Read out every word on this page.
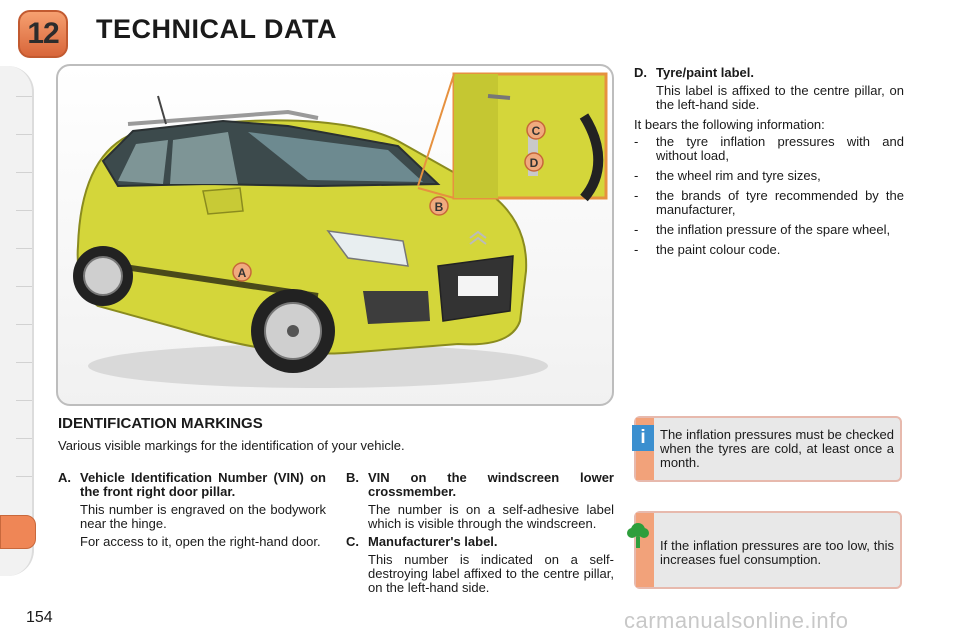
12 TECHNICAL DATA
A
B
C
D
IDENTIFICATION MARKINGS
Various visible markings for the identification of your vehicle.
A. Vehicle Identification Number (VIN) on the front right door pillar.

This number is engraved on the bodywork near the hinge.

For access to it, open the right-hand door.

B. VIN on the windscreen lower crossmember.

The number is on a self-adhesive label which is visible through the windscreen.

C. Manufacturer's label.

This number is indicated on a self-destroying label affixed to the centre pillar, on the left-hand side.

D. Tyre/paint label.

This label is affixed to the centre pillar, on the left-hand side.

It bears the following information:
-	the tyre inflation pressures with and without load,
-	the wheel rim and tyre sizes,
-	the brands of tyre recommended by the manufacturer,
-	the inflation pressure of the spare wheel,
-	the paint colour code.
The inflation pressures must be checked when the tyres are cold, at least once a month.
i
If the inflation pressures are too low, this increases fuel consumption.
154	carmanualsonline.info
